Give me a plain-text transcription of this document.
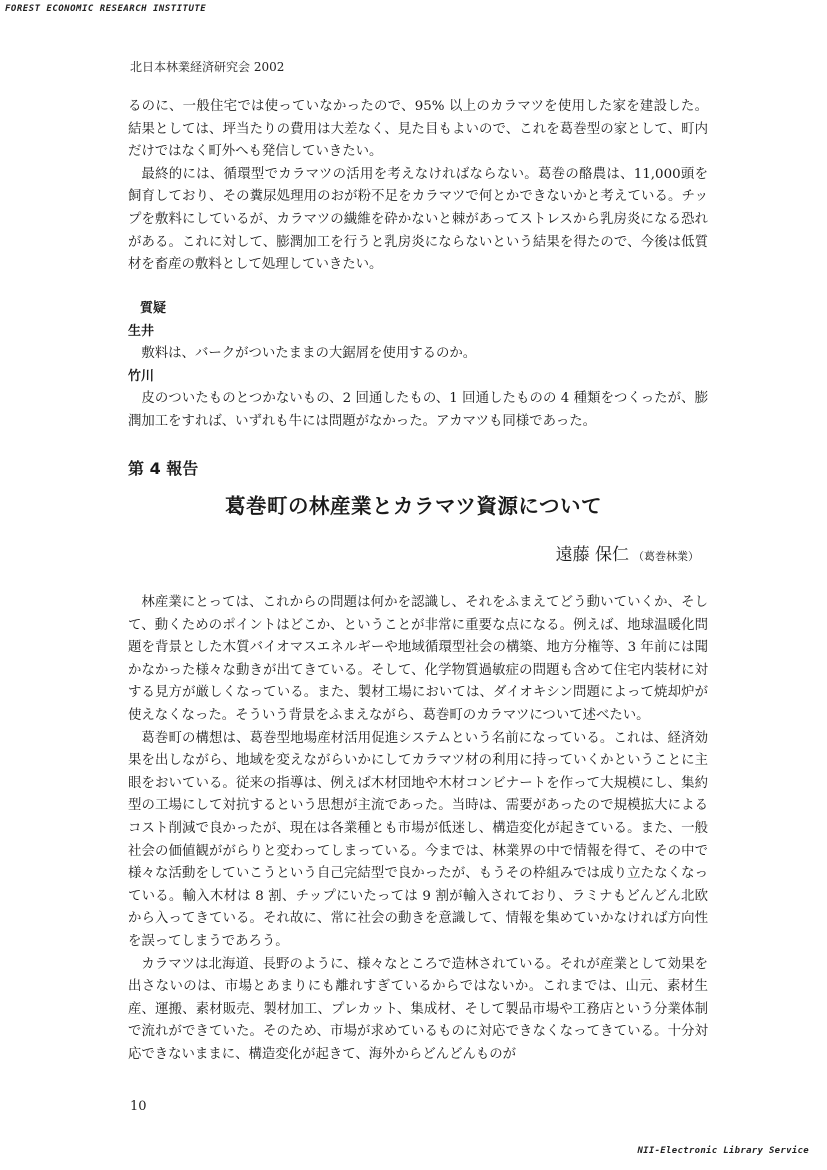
FOREST ECONOMIC RESEARCH INSTITUTE
北日本林業経済研究会 2002

るのに、一般住宅では使っていなかったので、95% 以上のカラマツを使用した家を建設した。結果としては、坪当たりの費用は大差なく、見た目もよいので、これを葛巻型の家として、町内だけではなく町外へも発信していきたい。

最終的には、循環型でカラマツの活用を考えなければならない。葛巻の酪農は、11,000頭を飼育しており、その糞尿処理用のおが粉不足をカラマツで何とかできないかと考えている。チップを敷料にしているが、カラマツの繊維を砕かないと棘があってストレスから乳房炎になる恐れがある。これに対して、膨潤加工を行うと乳房炎にならないという結果を得たので、今後は低質材を畜産の敷料として処理していきたい。

質疑

生井

敷料は、バークがついたままの大鋸屑を使用するのか。

竹川

皮のついたものとつかないもの、2 回通したもの、1 回通したものの 4 種類をつくったが、膨潤加工をすれば、いずれも牛には問題がなかった。アカマツも同様であった。

第 4 報告
葛巻町の林産業とカラマツ資源について
遠藤 保仁 （葛巻林業）

林産業にとっては、これからの問題は何かを認識し、それをふまえてどう動いていくか、そして、動くためのポイントはどこか、ということが非常に重要な点になる。例えば、地球温暖化問題を背景とした木質バイオマスエネルギーや地域循環型社会の構築、地方分権等、3 年前には聞かなかった様々な動きが出てきている。そして、化学物質過敏症の問題も含めて住宅内装材に対する見方が厳しくなっている。また、製材工場においては、ダイオキシン問題によって焼却炉が使えなくなった。そういう背景をふまえながら、葛巻町のカラマツについて述べたい。

葛巻町の構想は、葛巻型地場産材活用促進システムという名前になっている。これは、経済効果を出しながら、地域を変えながらいかにしてカラマツ材の利用に持っていくかということに主眼をおいている。従来の指導は、例えば木材団地や木材コンビナートを作って大規模にし、集約型の工場にして対抗するという思想が主流であった。当時は、需要があったので規模拡大によるコスト削減で良かったが、現在は各業種とも市場が低迷し、構造変化が起きている。また、一般社会の価値観ががらりと変わってしまっている。今までは、林業界の中で情報を得て、その中で様々な活動をしていこうという自己完結型で良かったが、もうその枠組みでは成り立たなくなっている。輸入木材は 8 割、チップにいたっては 9 割が輸入されており、ラミナもどんどん北欧から入ってきている。それ故に、常に社会の動きを意識して、情報を集めていかなければ方向性を誤ってしまうであろう。

カラマツは北海道、長野のように、様々なところで造林されている。それが産業として効果を出さないのは、市場とあまりにも離れすぎているからではないか。これまでは、山元、素材生産、運搬、素材販売、製材加工、プレカット、集成材、そして製品市場や工務店という分業体制で流れができていた。そのため、市場が求めているものに対応できなくなってきている。十分対応できないままに、構造変化が起きて、海外からどんどんものが

10
NII-Electronic Library Service
